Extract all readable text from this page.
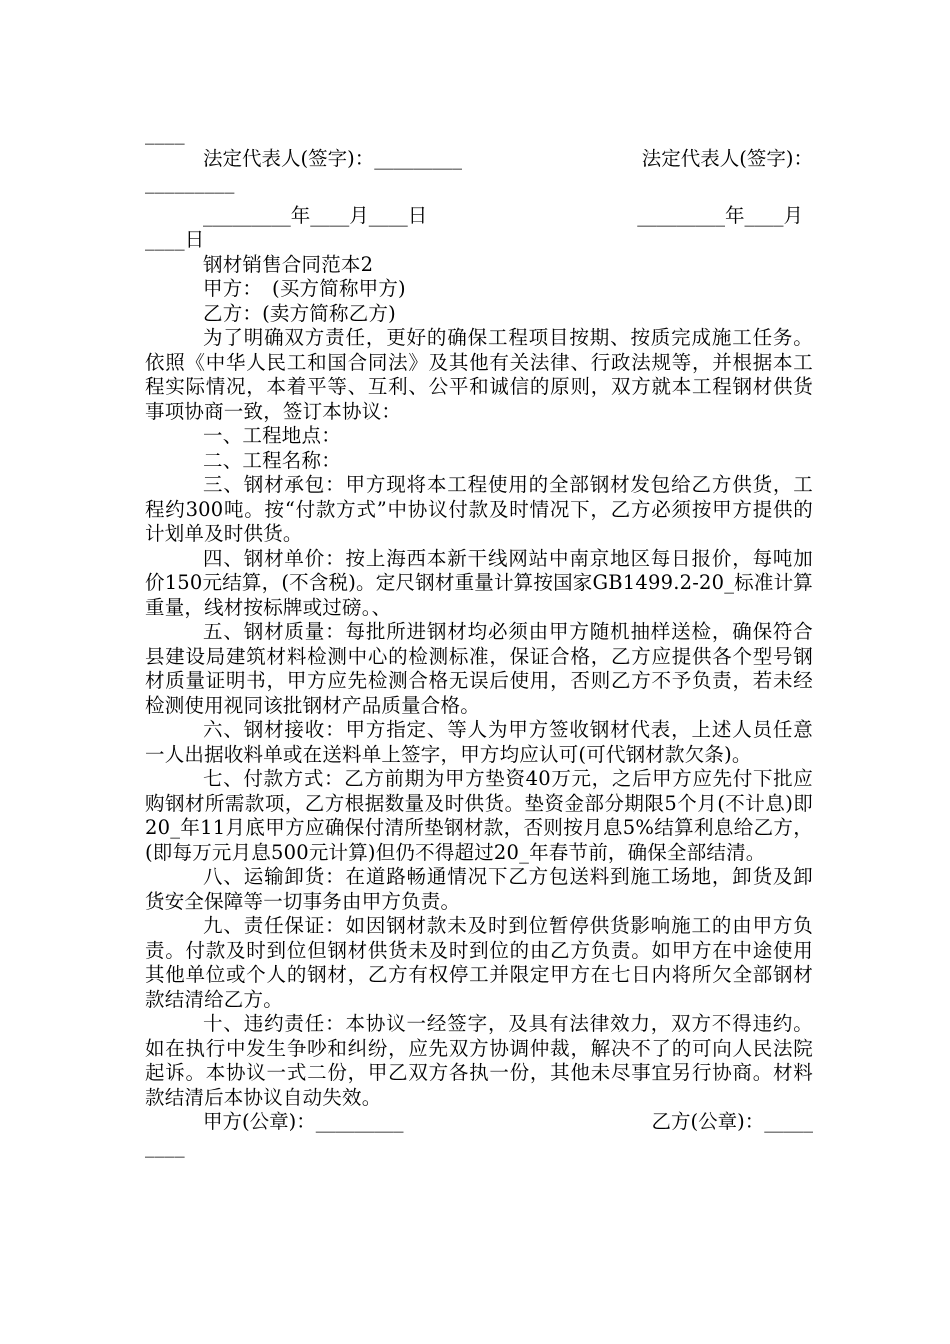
____
法定代表人(签字)：_________	法定代表人(签字)：
_________
_________年____月____日	_________年____月
____日
钢材销售合同范本2
甲方：　(买方简称甲方)
乙方：(卖方简称乙方)
为了明确双方责任，更好的确保工程项目按期、按质完成施工任务。依照《中华人民工和国合同法》及其他有关法律、行政法规等，并根据本工程实际情况，本着平等、互利、公平和诚信的原则，双方就本工程钢材供货事项协商一致，签订本协议：
一、工程地点：
二、工程名称：
三、钢材承包：甲方现将本工程使用的全部钢材发包给乙方供货，工程约300吨。按“付款方式”中协议付款及时情况下，乙方必须按甲方提供的计划单及时供货。
四、钢材单价：按上海西本新干线网站中南京地区每日报价，每吨加价150元结算，(不含税)。定尺钢材重量计算按国家GB1499.2-20_标准计算重量，线材按标牌或过磅。、
五、钢材质量：每批所进钢材均必须由甲方随机抽样送检，确保符合县建设局建筑材料检测中心的检测标准，保证合格，乙方应提供各个型号钢材质量证明书，甲方应先检测合格无误后使用，否则乙方不予负责，若未经检测使用视同该批钢材产品质量合格。
六、钢材接收：甲方指定、等人为甲方签收钢材代表，上述人员任意一人出据收料单或在送料单上签字，甲方均应认可(可代钢材款欠条)。
七、付款方式：乙方前期为甲方垫资40万元，之后甲方应先付下批应购钢材所需款项，乙方根据数量及时供货。垫资金部分期限5个月(不计息)即20_年11月底甲方应确保付清所垫钢材款，否则按月息5%结算利息给乙方，(即每万元月息500元计算)但仍不得超过20_年春节前，确保全部结清。
八、运输卸货：在道路畅通情况下乙方包送料到施工场地，卸货及卸货安全保障等一切事务由甲方负责。
九、责任保证：如因钢材款未及时到位暂停供货影响施工的由甲方负责。付款及时到位但钢材供货未及时到位的由乙方负责。如甲方在中途使用其他单位或个人的钢材，乙方有权停工并限定甲方在七日内将所欠全部钢材款结清给乙方。
十、违约责任：本协议一经签字，及具有法律效力，双方不得违约。如在执行中发生争吵和纠纷，应先双方协调仲裁，解决不了的可向人民法院起诉。本协议一式二份，甲乙双方各执一份，其他未尽事宜另行协商。材料款结清后本协议自动失效。
甲方(公章)：_________	乙方(公章)：_____
____
